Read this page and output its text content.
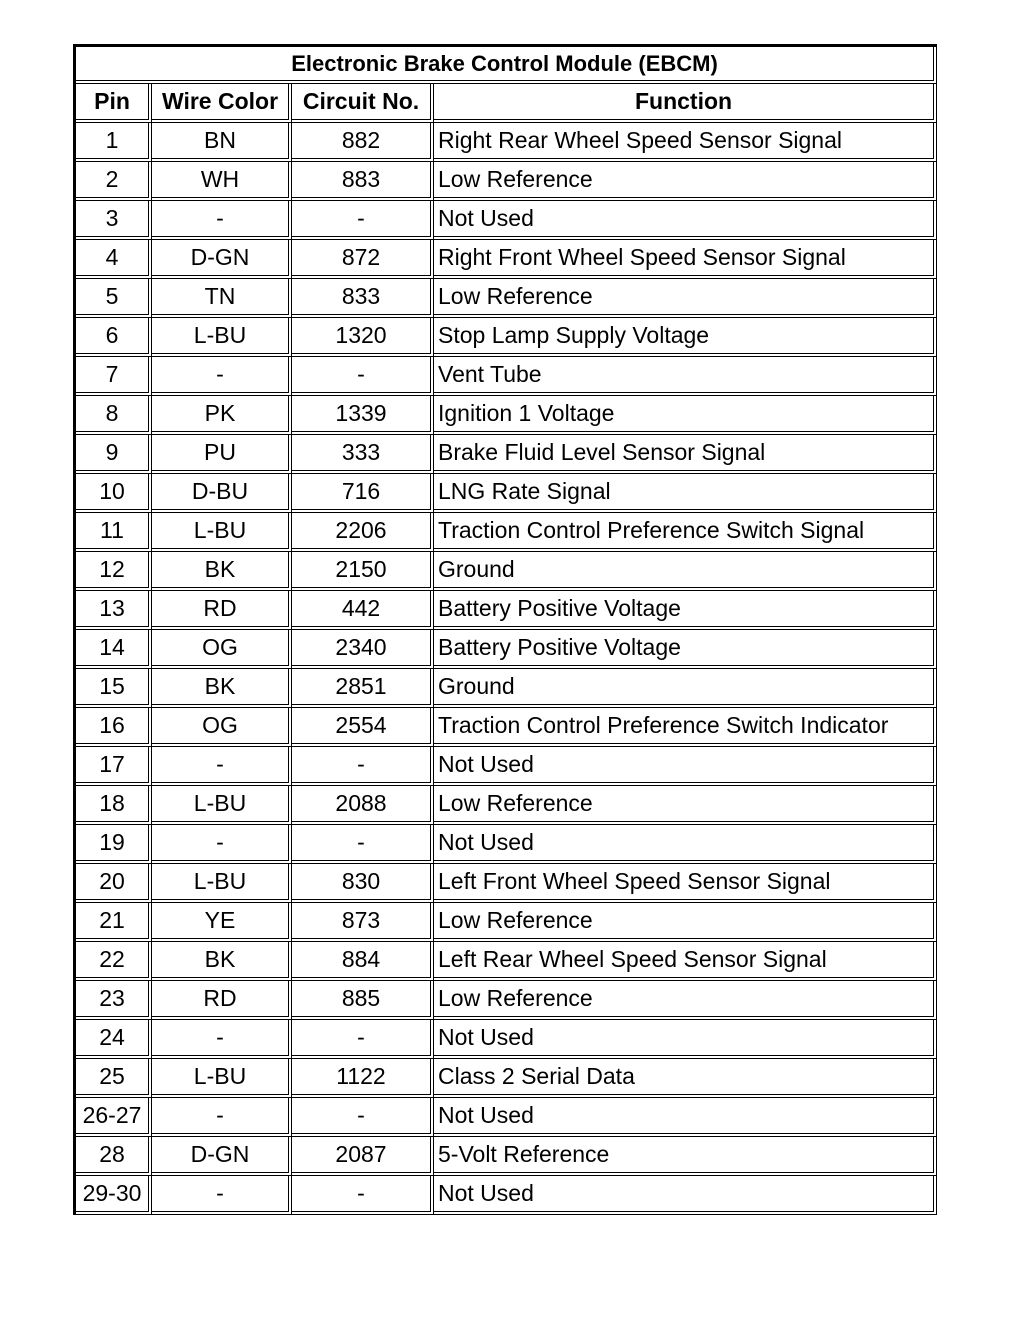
Electronic Brake Control Module (EBCM)			
Pin	Wire Color	Circuit No.	Function
1	BN	882	Right Rear Wheel Speed Sensor Signal
2	WH	883	Low Reference
3	-	-	Not Used
4	D-GN	872	Right Front Wheel Speed Sensor Signal
5	TN	833	Low Reference
6	L-BU	1320	Stop Lamp Supply Voltage
7	-	-	Vent Tube
8	PK	1339	Ignition 1 Voltage
9	PU	333	Brake Fluid Level Sensor Signal
10	D-BU	716	LNG Rate Signal
11	L-BU	2206	Traction Control Preference Switch Signal
12	BK	2150	Ground
13	RD	442	Battery Positive Voltage
14	OG	2340	Battery Positive Voltage
15	BK	2851	Ground
16	OG	2554	Traction Control Preference Switch Indicator
17	-	-	Not Used
18	L-BU	2088	Low Reference
19	-	-	Not Used
20	L-BU	830	Left Front Wheel Speed Sensor Signal
21	YE	873	Low Reference
22	BK	884	Left Rear Wheel Speed Sensor Signal
23	RD	885	Low Reference
24	-	-	Not Used
25	L-BU	1122	Class 2 Serial Data
26-27	-	-	Not Used
28	D-GN	2087	5-Volt Reference
29-30	-	-	Not Used
